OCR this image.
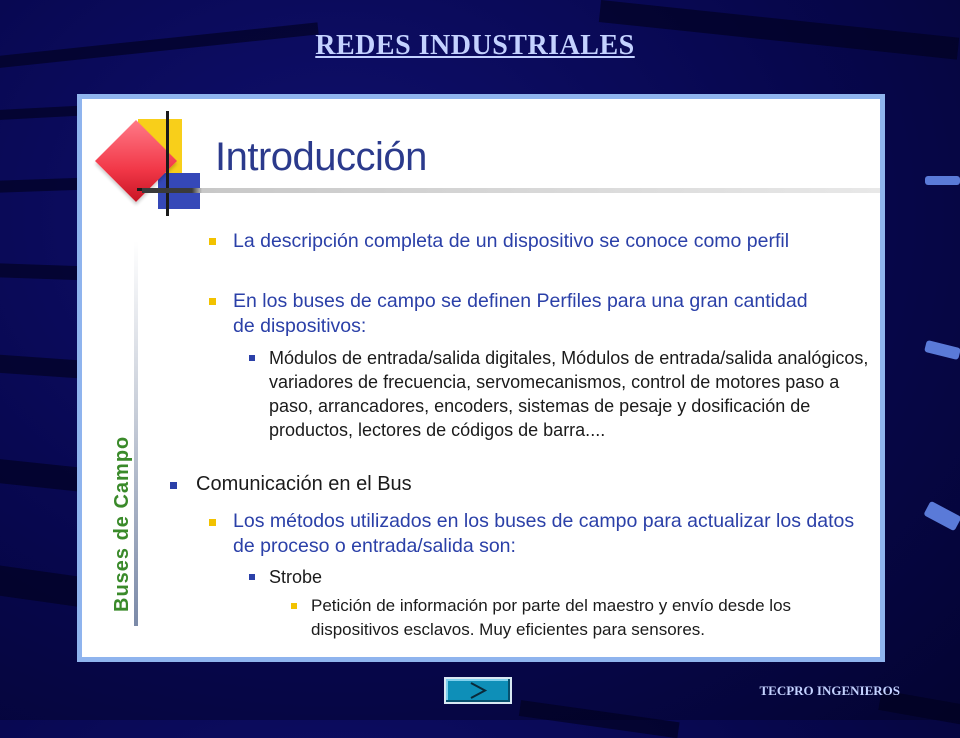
REDES INDUSTRIALES
Introducción
Buses de Campo
La descripción completa de un dispositivo se conoce como perfil
En los buses de campo se definen Perfiles para una gran cantidad de dispositivos:
Módulos de entrada/salida digitales, Módulos de entrada/salida analógicos, variadores de frecuencia, servomecanismos, control de motores paso a paso, arrancadores, encoders, sistemas de pesaje y dosificación de productos, lectores de códigos de barra....
Comunicación en el Bus
Los métodos utilizados en los buses de campo para actualizar los datos de proceso o entrada/salida son:
Strobe
Petición de información por parte del maestro y envío desde los dispositivos esclavos. Muy eficientes para sensores.
TECPRO INGENIEROS
